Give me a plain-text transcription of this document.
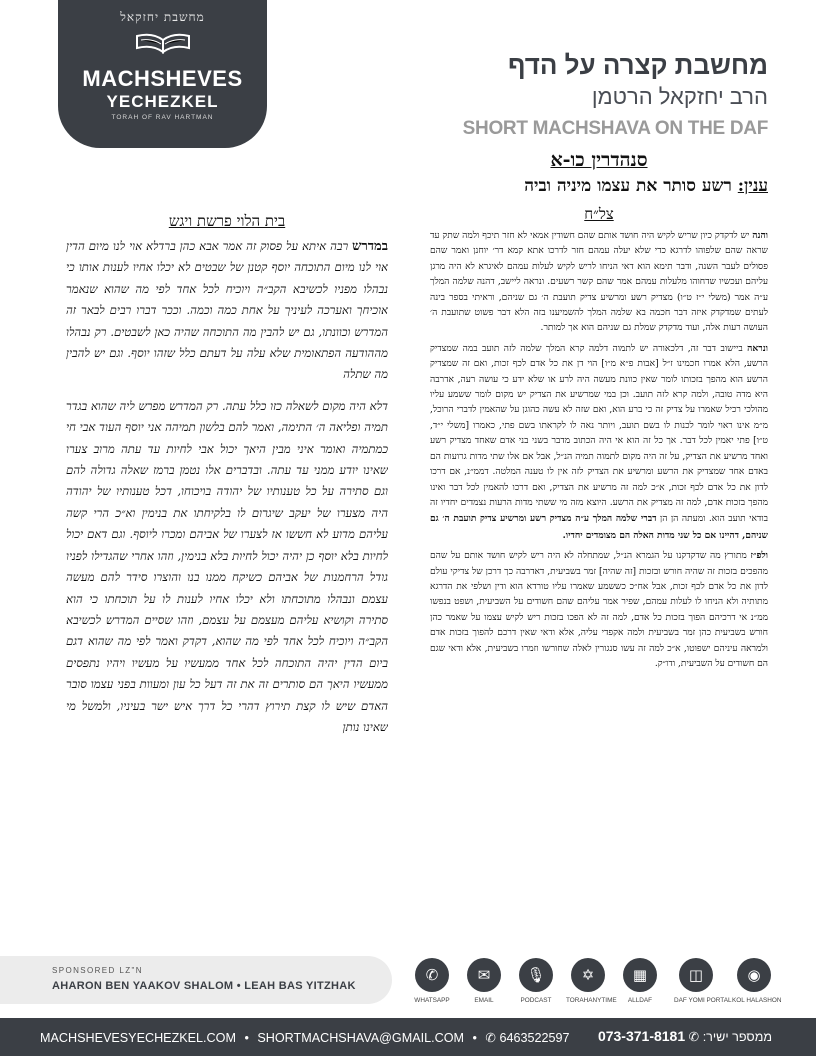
מחשבת יחזקאל
MACHSHEVES
YECHEZKEL
TORAH OF RAV HARTMAN
מחשבת קצרה על הדף
הרב יחזקאל הרטמן
SHORT MACHSHAVA ON THE DAF
סנהדרין כו-א
ענין: רשע סותר את עצמו מיניה וביה
צל״ח

והנה יש לדקדק כיון שריש לקיש היה חושד אותם שהם חשודין אמאי לא חזר תיכף ולמה שתק עד שראה שהם שלפוהו לדרגא כדי שלא יעלה עמהם חזר לדרכו אתא קמא דר׳ יוחנן ואמר שהם פסולים לעבר השנה, ודבר תימא הוא דאי הניחו לריש לקיש לעלות עמהם לאיגרא לא היה מרגן עליהם ועכשיו שדחוהו מלעלות עמהם אמר שהם קשר רשעים. ונראה ליישב, דהנה שלמה המלך ע״ה אמר (משלי י״ז ט״ו) מצדיק רשע ומרשיע צדיק תועבת ה׳ גם שניהם, וראיתי בספר בינה לעתים שמדקדק איזה דבר חכמה בא שלמה המלך להשמיענו בזה הלא דבר פשוט שתועבת ה׳ העושה רעות אלה, ועוד מדקדק שמלת גם שניהם הוא אך למותר.

ונראה ביישוב דבר זה, דלכאורה יש לתמוה דלמה קרא המלך שלמה לזה תועב במה שמצדיק הרשע, הלא אמרו חכמינו ז״ל [אבות פ״א מ״ו] הוי דן את כל אדם לכף זכות, ואם זה שמצדיק הרשע הוא מהפך בזכותו לומר שאין כוונת מעשה היה לרע או שלא ידע כי עושה רעה, אדרבה היא מדה טובה, ולמה קרא לזה תועב. וכן במי שמרשיע את הצדיק יש מקום לומר ששמע עליו מהולכי רכיל שאמרו על צדיק זה כי ברע הוא, ואם שזה לא עשה כהוגן על שהאמין לדברי הרוכל, מ״מ אינו ראוי לומר לכנות לו בשם תועב, ויותר נאה לו לקראתו בשם פתי, כאמרו [משלי י״ד, ט״ו] פתי יאמין לכל דבר. אך כל זה הוא אי היה הכתוב מדבר בשני בני אדם שאחד מצדיק רשע ואחד מרשיע את הצדיק, על זה היה מקום לתמוה תמיה הנ״ל, אבל אם אלו שתי מדות גרועות הם באדם אחד שמצדיק את הרשע ומרשיע את הצדיק לזה אין לו טענה המלטה. דממ״נ, אם דרכו לדון את כל אדם לכף זכות, א״כ למה זה מרשיע את הצדיק, ואם דרכו להאמין לכל דבר ואינו מהפך בזכות אדם, למה זה מצדיק את הרשע. היוצא מזה מי ששתי מדות הרעות נצמדים יחדיו זה בודאי תועב הוא. ומעתה הן הן דברי שלמה המלך ע״ה מצדיק רשע ומרשיע צדיק תועבת ה׳ גם שניהם, דהיינו אם כל שני מדות האלה הם מצומדים יחדיו.

ולפ״ז מתורץ מה שדקדקנו על הגמרא הנ״ל, שמתחלה לא היה ריש לקיש חושד אותם על שהם מהפכים בזכות זה שהיה חורש ובזכות [זה שהיה] זמר בשביעית, דאדרבה כך דרכן של צדיקי עולם לדון את כל אדם לכף זכות, אבל אח״כ כששמע שאמרו עליו טורדא הוא ודין ושלפי את הדרגא מתותיה ולא הניחו לו לעלות עמהם, שפיר אמר עליהם שהם חשודים על השביעית, ושפט בנפשו ממ״נ אי דרכיהם הפוך בזכות כל אדם, למה זה לא הפכו בזכות ריש לקיש עצמו על שאמר כהן חורש בשביעית כהן זמר בשביעית ולמה אקפדי עליה, אלא ודאי שאין דרכם להפוך בזכות אדם ולמראה עיניהם ישפוטו, א״כ למה זה עשו סנגורין לאלה שחורשו וזמרו בשביעית, אלא ודאי שגם הם חשודים על השביעית, ודו״ק.

בית הלוי פרשת ויגש

במדרש רבה איתא על פסוק זה אמר אבא כהן ברדלא אוי לנו מיום הדין אוי לנו מיום התוכחה יוסף קטנן של שבטים לא יכלו אחיו לענות אותו כי נבהלו מפניו לכשיבא הקב״ה ויוכיח לכל אחד לפי מה שהוא שנאמר אוכיחך ואערכה לעיניך על אחת כמה וכמה. וככר דברו רבים לבאר זה המדרש וכוונתו, גם יש להבין מה התוכחה שהיה כאן לשבטים. רק נבהלו מההודעה הפתאומית שלא עלה על דעתם כלל שזהו יוסף. וגם יש להבין מה שתלה

דלא היה מקום לשאלה כזו כלל עתה. רק המדרש מפרש ליה שהוא בגדר תמיה ופליאה ה׳ התימה, ואמר להם בלשון תמיהה אני יוסף העוד אבי חי כמתמיה ואומר איני מבין היאך יכול אבי לחיות עד עתה מרוב צערו שאינו יודע ממני עד עתה. ובדברים אלו נטמן ברמז שאלה גדולה להם וגם סתירה על כל טענותיו של יהודה בויכוחו, דכל טענותיו של יהודה היה מצערו של יעקב שיגרום לו בלקיחתו את בנימין וא״כ הרי קשה עליהם מדוע לא חששו אז לצערו של אביהם ומכרו ליוסף. וגם דאם יכול לחיות בלא יוסף כן יהיה יכול לחיות בלא בנימין, וזהו אחרי שהגדילו לפניו גודל הרחמנות של אביהם כשיקח ממנו בנו והוצרו סידר להם מעשה עצמם ונבהלו מתוכחתו ולא יכלו אחיו לענות לו על תוכחתו כי הוא סתירה וקושיא עליהם מעצמם על עצמם, וזהו שסיים המדרש לכשיבא הקב״ה ויוכיח לכל אחד לפי מה שהוא, דקדק ואמר לפי מה שהוא דגם ביום הדין יהיה התוכחה לכל אחד ממעשיו על מעשיו ויהיו נתפסים ממעשיו היאך הם סותרים זה את זה דעל כל עון ומעוות בפני עצמו סובר האדם שיש לו קצת תירוץ דהרי כל דרך איש ישר בעיניו, ולמשל מי שאינו נותן

SPONSORED LZ"N
AHARON BEN YAAKOV SHALOM • LEAH BAS YITZHAK
✆
WHATSAPP
✉
EMAIL
🎙
PODCAST
✡
TORAHANYTIME
▦
ALLDAF
◫
DAF YOMI PORTAL
◉
KOL HALASHON
MACHSHEVESYECHEZKEL.COM • SHORTMACHSHAVA@GMAIL.COM • ✆ 6463522597	ממספר ישיר: ✆ 073-371-8181
